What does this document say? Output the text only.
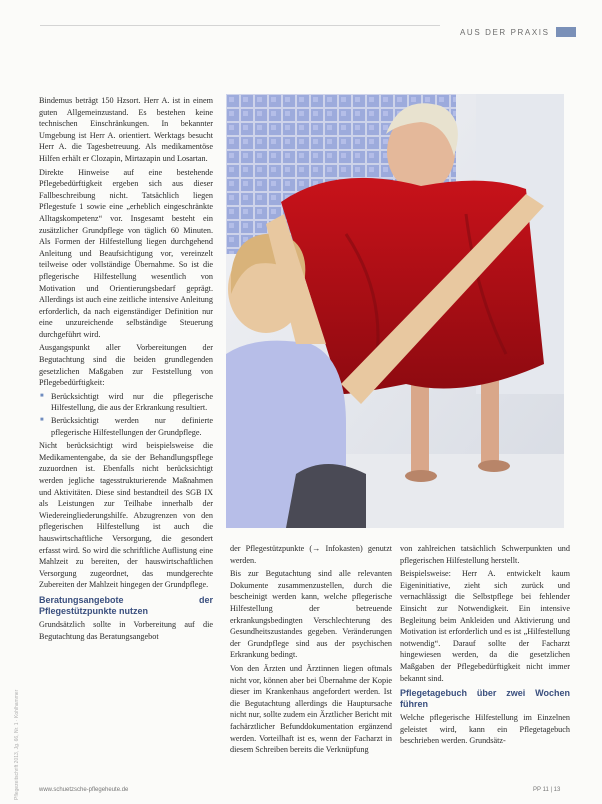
AUS DER PRAXIS
Pflegezeitschrift 2013, Jg. 66, Nr. 1 · Kohlhammer

Bindemus beträgt 150 Hzsort. Herr A. ist in einem guten Allgemeinzustand. Es bestehen keine technischen Einschränkungen. In bekannter Umgebung ist Herr A. orientiert. Werktags besucht Herr A. die Tagesbetreuung. Als medikamentöse Hilfen erhält er Clozapin, Mirtazapin und Losartan.

Direkte Hinweise auf eine bestehende Pflegebedürftigkeit ergeben sich aus dieser Fallbeschreibung nicht. Tatsächlich liegen Pflegestufe 1 sowie eine „erheblich eingeschränkte Alltagskompetenz“ vor. Insgesamt besteht ein zusätzlicher Grundpflege von täglich 60 Minuten. Als Formen der Hilfestellung liegen durchgehend Anleitung und Beaufsichtigung vor, vereinzelt teilweise oder vollständige Übernahme. So ist die pflegerische Hilfestellung wesentlich von Motivation und Orientierungsbedarf geprägt. Allerdings ist auch eine zeitliche intensive Anleitung erforderlich, da nach eigenständiger Definition nur eine unzureichende selbständige Steuerung durchgeführt wird.

Ausgangspunkt aller Vorbereitungen der Begutachtung sind die beiden grundlegenden gesetzlichen Maßgaben zur Feststellung von Pflegebedürftigkeit:

■ Berücksichtigt wird nur die pflegerische Hilfestellung, die aus der Erkrankung resultiert.
■ Berücksichtigt werden nur definierte pflegerische Hilfestellungen der Grundpflege.

Nicht berücksichtigt wird beispielsweise die Medikamentengabe, da sie der Behandlungspflege zuzuordnen ist. Ebenfalls nicht berücksichtigt werden jegliche tagesstrukturierende Maßnahmen und Aktivitäten. Diese sind bestandteil des SGB IX als Leistungen zur Teilhabe innerhalb der Wiedereingliederungshilfe. Abzugrenzen von den pflegerischen Hilfestellung ist auch die hauswirtschaftliche Versorgung, die gesondert erfasst wird. So wird die schriftliche Auflistung eine Mahlzeit zu bereiten, der hauswirtschaftlichen Versorgung zugeordnet, das mundgerechte Zubereiten der Mahlzeit hingegen der Grundpflege.

Beratungsangebote der Pflegestützpunkte nutzen

Grundsätzlich sollte in Vorbereitung auf die Begutachtung das Beratungsangebot

der Pflegestützpunkte (→ Infokasten) genutzt werden.

Bis zur Begutachtung sind alle relevanten Dokumente zusammenzustellen, durch die bescheinigt werden kann, welche pflegerische Hilfestellung der betreuende erkrankungsbedingten Verschlechterung des Gesundheitszustandes gegeben. Veränderungen der Grundpflege sind aus der psychischen Erkrankung bedingt.

Von den Ärzten und Ärztinnen liegen oftmals nicht vor, können aber bei Übernahme der Kopie dieser im Krankenhaus angefordert werden. Ist die Begutachtung allerdings die Hauptursache nicht nur, sollte zudem ein Ärztlicher Bericht mit fachärztlicher Befunddokumentation ergänzend werden. Vorteilhaft ist es, wenn der Facharzt in diesem Schreiben bereits die Verknüpfung

von zahlreichen tatsächlich Schwerpunkten und pflegerischen Hilfestellung herstellt.

Beispielsweise: Herr A. entwickelt kaum Eigeninitiative, zieht sich zurück und vernachlässigt die Selbstpflege bei fehlender Einsicht zur Notwendigkeit. Ein intensive Begleitung beim Ankleiden und Aktivierung und Motivation ist erforderlich und es ist „Hilfestellung notwendig“. Darauf sollte der Facharzt hingewiesen werden, da die gesetzlichen Maßgaben der Pflegebedürftigkeit nicht immer bekannt sind.

Pflegetagebuch über zwei Wochen führen

Welche pflegerische Hilfestellung im Einzelnen geleistet wird, kann ein Pflegetagebuch beschrieben werden. Grundsätz-

www.schuetzsche-pflegeheute.de	PP 11 | 13
